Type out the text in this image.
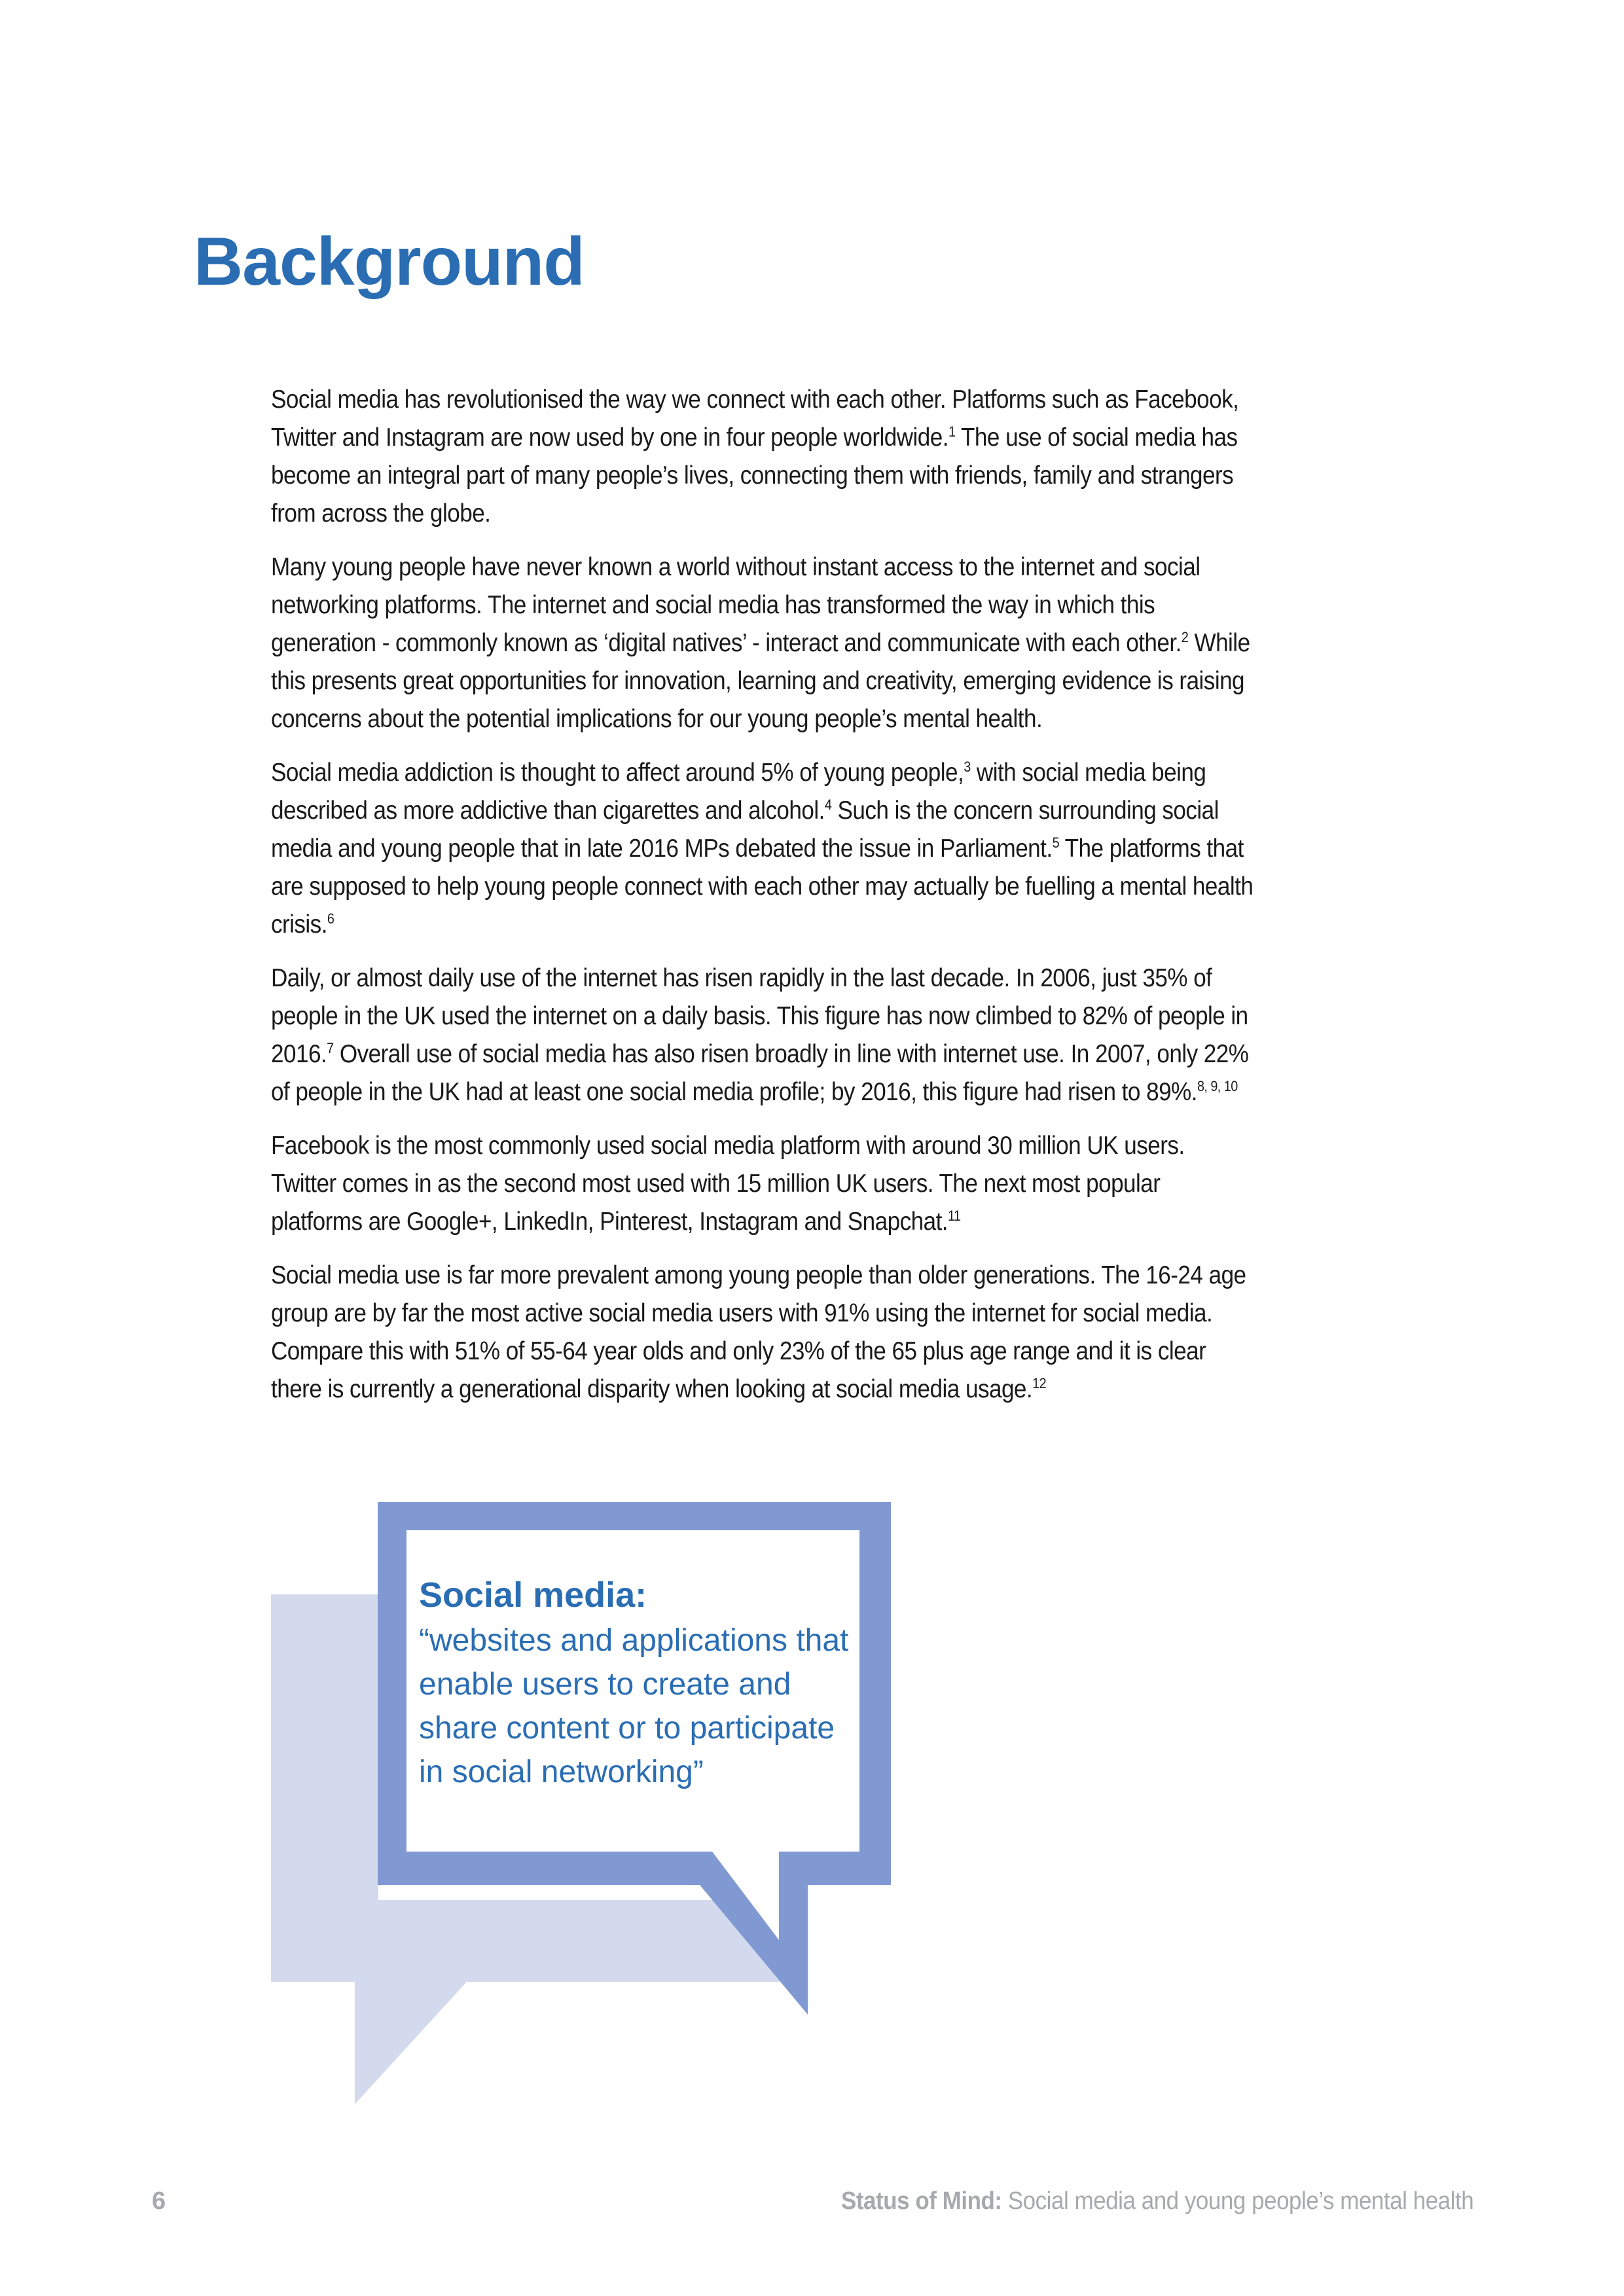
Background

Social media has revolutionised the way we connect with each other. Platforms such as Facebook, Twitter and Instagram are now used by one in four people worldwide.$^1$ The use of social media has become an integral part of many people’s lives, connecting them with friends, family and strangers from across the globe.

Many young people have never known a world without instant access to the internet and social networking platforms. The internet and social media has transformed the way in which this generation - commonly known as ‘digital natives’ - interact and communicate with each other.$^2$ While this presents great opportunities for innovation, learning and creativity, emerging evidence is raising concerns about the potential implications for our young people’s mental health.

Social media addiction is thought to affect around 5% of young people,$^3$ with social media being described as more addictive than cigarettes and alcohol.$^4$ Such is the concern surrounding social media and young people that in late 2016 MPs debated the issue in Parliament.$^5$ The platforms that are supposed to help young people connect with each other may actually be fuelling a mental health crisis.$^6$

Daily, or almost daily use of the internet has risen rapidly in the last decade. In 2006, just 35% of people in the UK used the internet on a daily basis. This figure has now climbed to 82% of people in 2016.$^7$ Overall use of social media has also risen broadly in line with internet use. In 2007, only 22% of people in the UK had at least one social media profile; by 2016, this figure had risen to 89%.$^{8, 9, 10}$

Facebook is the most commonly used social media platform with around 30 million UK users. Twitter comes in as the second most used with 15 million UK users. The next most popular platforms are Google+, LinkedIn, Pinterest, Instagram and Snapchat.$^{11}$

Social media use is far more prevalent among young people than older generations. The 16-24 age group are by far the most active social media users with 91% using the internet for social media. Compare this with 51% of 55-64 year olds and only 23% of the 65 plus age range and it is clear there is currently a generational disparity when looking at social media usage.$^{12}$

Social media:
“websites and applications that enable users to create and share content or to participate in social networking”
6	Status of Mind: Social media and young people’s mental health
